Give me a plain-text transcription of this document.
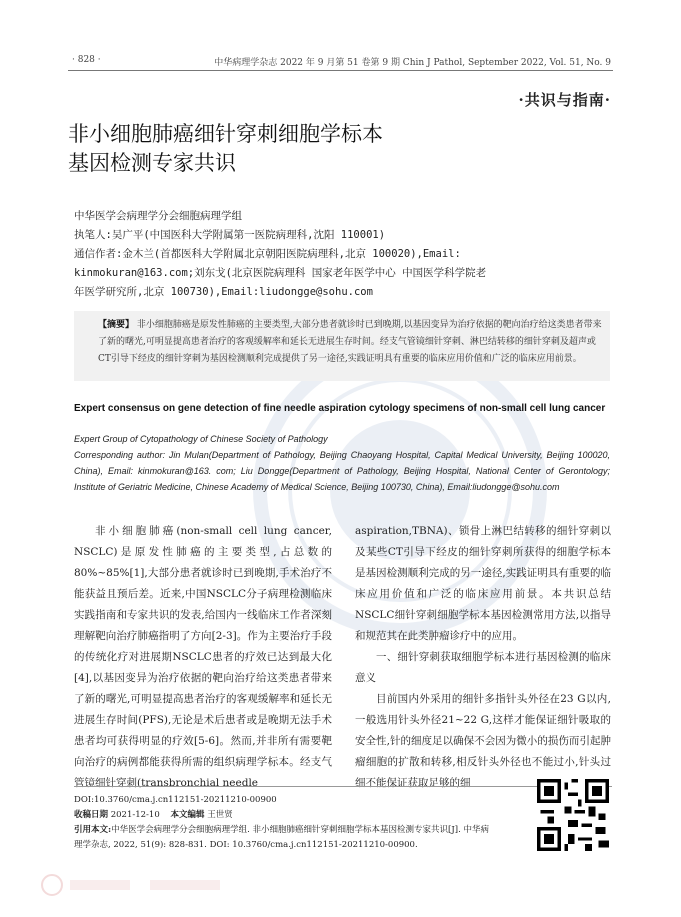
· 828 ·	中华病理学杂志 2022 年 9 月第 51 卷第 9 期 Chin J Pathol, September 2022, Vol. 51, No. 9
·共识与指南·
非小细胞肺癌细针穿刺细胞学标本
基因检测专家共识
中华医学会病理学分会细胞病理学组
执笔人:吴广平(中国医科大学附属第一医院病理科,沈阳 110001)
通信作者:金木兰(首都医科大学附属北京朝阳医院病理科,北京 100020),Email:
kinmokuran@163.com;刘东戈(北京医院病理科 国家老年医学中心 中国医学科学院老
年医学研究所,北京 100730),Email:liudongge@sohu.com
【摘要】 非小细胞肺癌是原发性肺癌的主要类型,大部分患者就诊时已到晚期,以基因变异为治疗依据的靶向治疗给这类患者带来了新的曙光,可明显提高患者治疗的客观缓解率和延长无进展生存时间。经支气管镜细针穿刺、淋巴结转移的细针穿刺及超声或CT引导下经皮的细针穿刺为基因检测顺利完成提供了另一途径,实践证明具有重要的临床应用价值和广泛的临床应用前景。
Expert consensus on gene detection of fine needle aspiration cytology specimens of non-small cell lung cancer
Expert Group of Cytopathology of Chinese Society of Pathology
Corresponding author: Jin Mulan(Department of Pathology, Beijing Chaoyang Hospital, Capital Medical University, Beijing 100020, China), Email: kinmokuran@163. com; Liu Dongge(Department of Pathology, Beijing Hospital, National Center of Gerontology; Institute of Geriatric Medicine, Chinese Academy of Medical Science, Beijing 100730, China), Email:liudongge@sohu.com
非小细胞肺癌(non-small cell lung cancer, NSCLC)是原发性肺癌的主要类型,占总数的80%~85%[1],大部分患者就诊时已到晚期,手术治疗不能获益且预后差。近来,中国NSCLC分子病理检测临床实践指南和专家共识的发表,给国内一线临床工作者深刻理解靶向治疗肺癌指明了方向[2-3]。作为主要治疗手段的传统化疗对进展期NSCLC患者的疗效已达到最大化[4],以基因变异为治疗依据的靶向治疗给这类患者带来了新的曙光,可明显提高患者治疗的客观缓解率和延长无进展生存时间(PFS),无论是术后患者或是晚期无法手术患者均可获得明显的疗效[5-6]。然而,并非所有需要靶向治疗的病例都能获得所需的组织病理学标本。经支气管镜细针穿刺(transbronchial needle
aspiration,TBNA)、锁骨上淋巴结转移的细针穿刺以及某些CT引导下经皮的细针穿刺所获得的细胞学标本是基因检测顺利完成的另一途径,实践证明具有重要的临床应用价值和广泛的临床应用前景。本共识总结NSCLC细针穿刺细胞学标本基因检测常用方法,以指导和规范其在此类肿瘤诊疗中的应用。
一、细针穿刺获取细胞学标本进行基因检测的临床意义
目前国内外采用的细针多指针头外径在23 G以内,一般选用针头外径21~22 G,这样才能保证细针吸取的安全性,针的细度足以确保不会因为微小的损伤而引起肿瘤细胞的扩散和转移,相反针头外径也不能过小,针头过细不能保证获取足够的细
DOI:10.3760/cma.j.cn112151-20211210-00900
收稿日期 2021-12-10 本文编辑 王世贤
引用本文:中华医学会病理学分会细胞病理学组. 非小细胞肺癌细针穿刺细胞学标本基因检测专家共识[J]. 中华病理学杂志, 2022, 51(9): 828-831. DOI: 10.3760/cma.j.cn112151-20211210-00900.
